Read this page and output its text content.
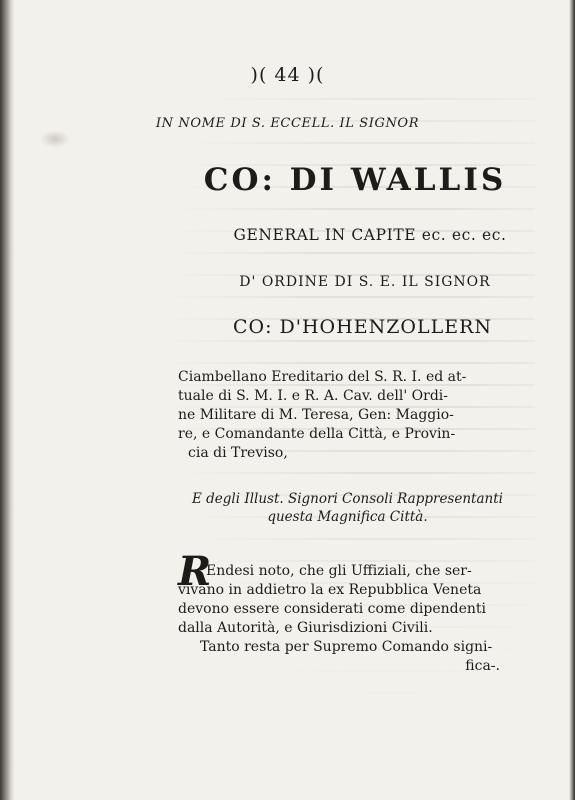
)( 44 )(
IN NOME DI S. ECCELL. IL SIGNOR
CO: DI WALLIS
GENERAL IN CAPITE ec. ec. ec.
D' ORDINE DI S. E. IL SIGNOR
CO: D'HOHENZOLLERN
Ciambellano Ereditario del S. R. I. ed at-
tuale di S. M. I. e R. A. Cav. dell' Ordi-
ne Militare di M. Teresa, Gen: Maggio-
re, e Comandante della Città, e Provin-
cia di Treviso,
E degli Illust. Signori Consoli Rappresentanti
questa Magnifica Città.
R
Endesi noto, che gli Uffiziali, che ser-
vivano in addietro la ex Repubblica Veneta
devono essere considerati come dipendenti
dalla Autorità, e Giurisdizioni Civili.
Tanto resta per Supremo Comando signi-
fica-.
